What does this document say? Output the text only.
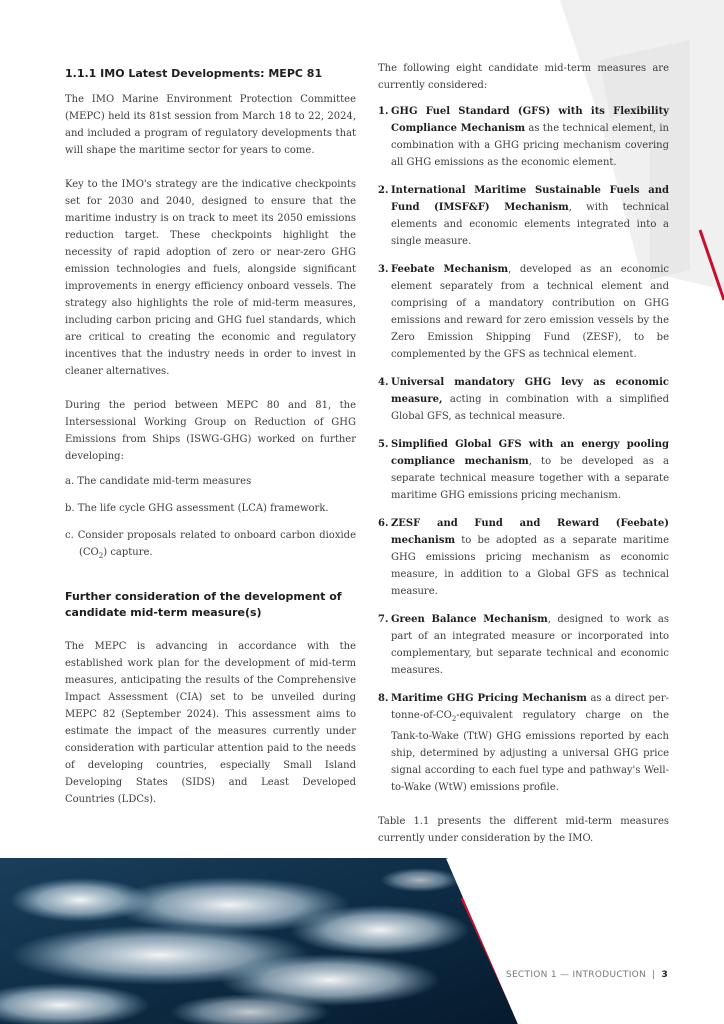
1.1.1 IMO Latest Developments: MEPC 81

The IMO Marine Environment Protection Committee (MEPC) held its 81st session from March 18 to 22, 2024, and included a program of regulatory developments that will shape the maritime sector for years to come.

Key to the IMO's strategy are the indicative checkpoints set for 2030 and 2040, designed to ensure that the maritime industry is on track to meet its 2050 emissions reduction target. These checkpoints highlight the necessity of rapid adoption of zero or near-zero GHG emission technologies and fuels, alongside significant improvements in energy efficiency onboard vessels. The strategy also highlights the role of mid-term measures, including carbon pricing and GHG fuel standards, which are critical to creating the economic and regulatory incentives that the industry needs in order to invest in cleaner alternatives.

During the period between MEPC 80 and 81, the Intersessional Working Group on Reduction of GHG Emissions from Ships (ISWG-GHG) worked on further developing:

a. The candidate mid-term measures
b. The life cycle GHG assessment (LCA) framework.
c. Consider proposals related to onboard carbon dioxide $(CO_2)$ capture.
Further consideration of the development of candidate mid-term measure(s)

The MEPC is advancing in accordance with the established work plan for the development of mid-term measures, anticipating the results of the Comprehensive Impact Assessment (CIA) set to be unveiled during MEPC 82 (September 2024). This assessment aims to estimate the impact of the measures currently under consideration with particular attention paid to the needs of developing countries, especially Small Island Developing States (SIDS) and Least Developed Countries (LDCs).

The following eight candidate mid-term measures are currently considered:

1. GHG Fuel Standard (GFS) with its Flexibility Compliance Mechanism as the technical element, in combination with a GHG pricing mechanism covering all GHG emissions as the economic element.
2. International Maritime Sustainable Fuels and Fund (IMSF&F) Mechanism, with technical elements and economic elements integrated into a single measure.
3. Feebate Mechanism, developed as an economic element separately from a technical element and comprising of a mandatory contribution on GHG emissions and reward for zero emission vessels by the Zero Emission Shipping Fund (ZESF), to be complemented by the GFS as technical element.
4. Universal mandatory GHG levy as economic measure, acting in combination with a simplified Global GFS, as technical measure.
5. Simplified Global GFS with an energy pooling compliance mechanism, to be developed as a separate technical measure together with a separate maritime GHG emissions pricing mechanism.
6. ZESF and Fund and Reward (Feebate) mechanism to be adopted as a separate maritime GHG emissions pricing mechanism as economic measure, in addition to a Global GFS as technical measure.
7. Green Balance Mechanism, designed to work as part of an integrated measure or incorporated into complementary, but separate technical and economic measures.
8. Maritime GHG Pricing Mechanism as a direct per-$tonne-of-CO_2$-equivalent regulatory charge on the Tank-to-Wake (TtW) GHG emissions reported by each ship, determined by adjusting a universal GHG price signal according to each fuel type and pathway's Well-to-Wake (WtW) emissions profile.

Table 1.1 presents the different mid-term measures currently under consideration by the IMO.

SECTION 1 — INTRODUCTION | 3
